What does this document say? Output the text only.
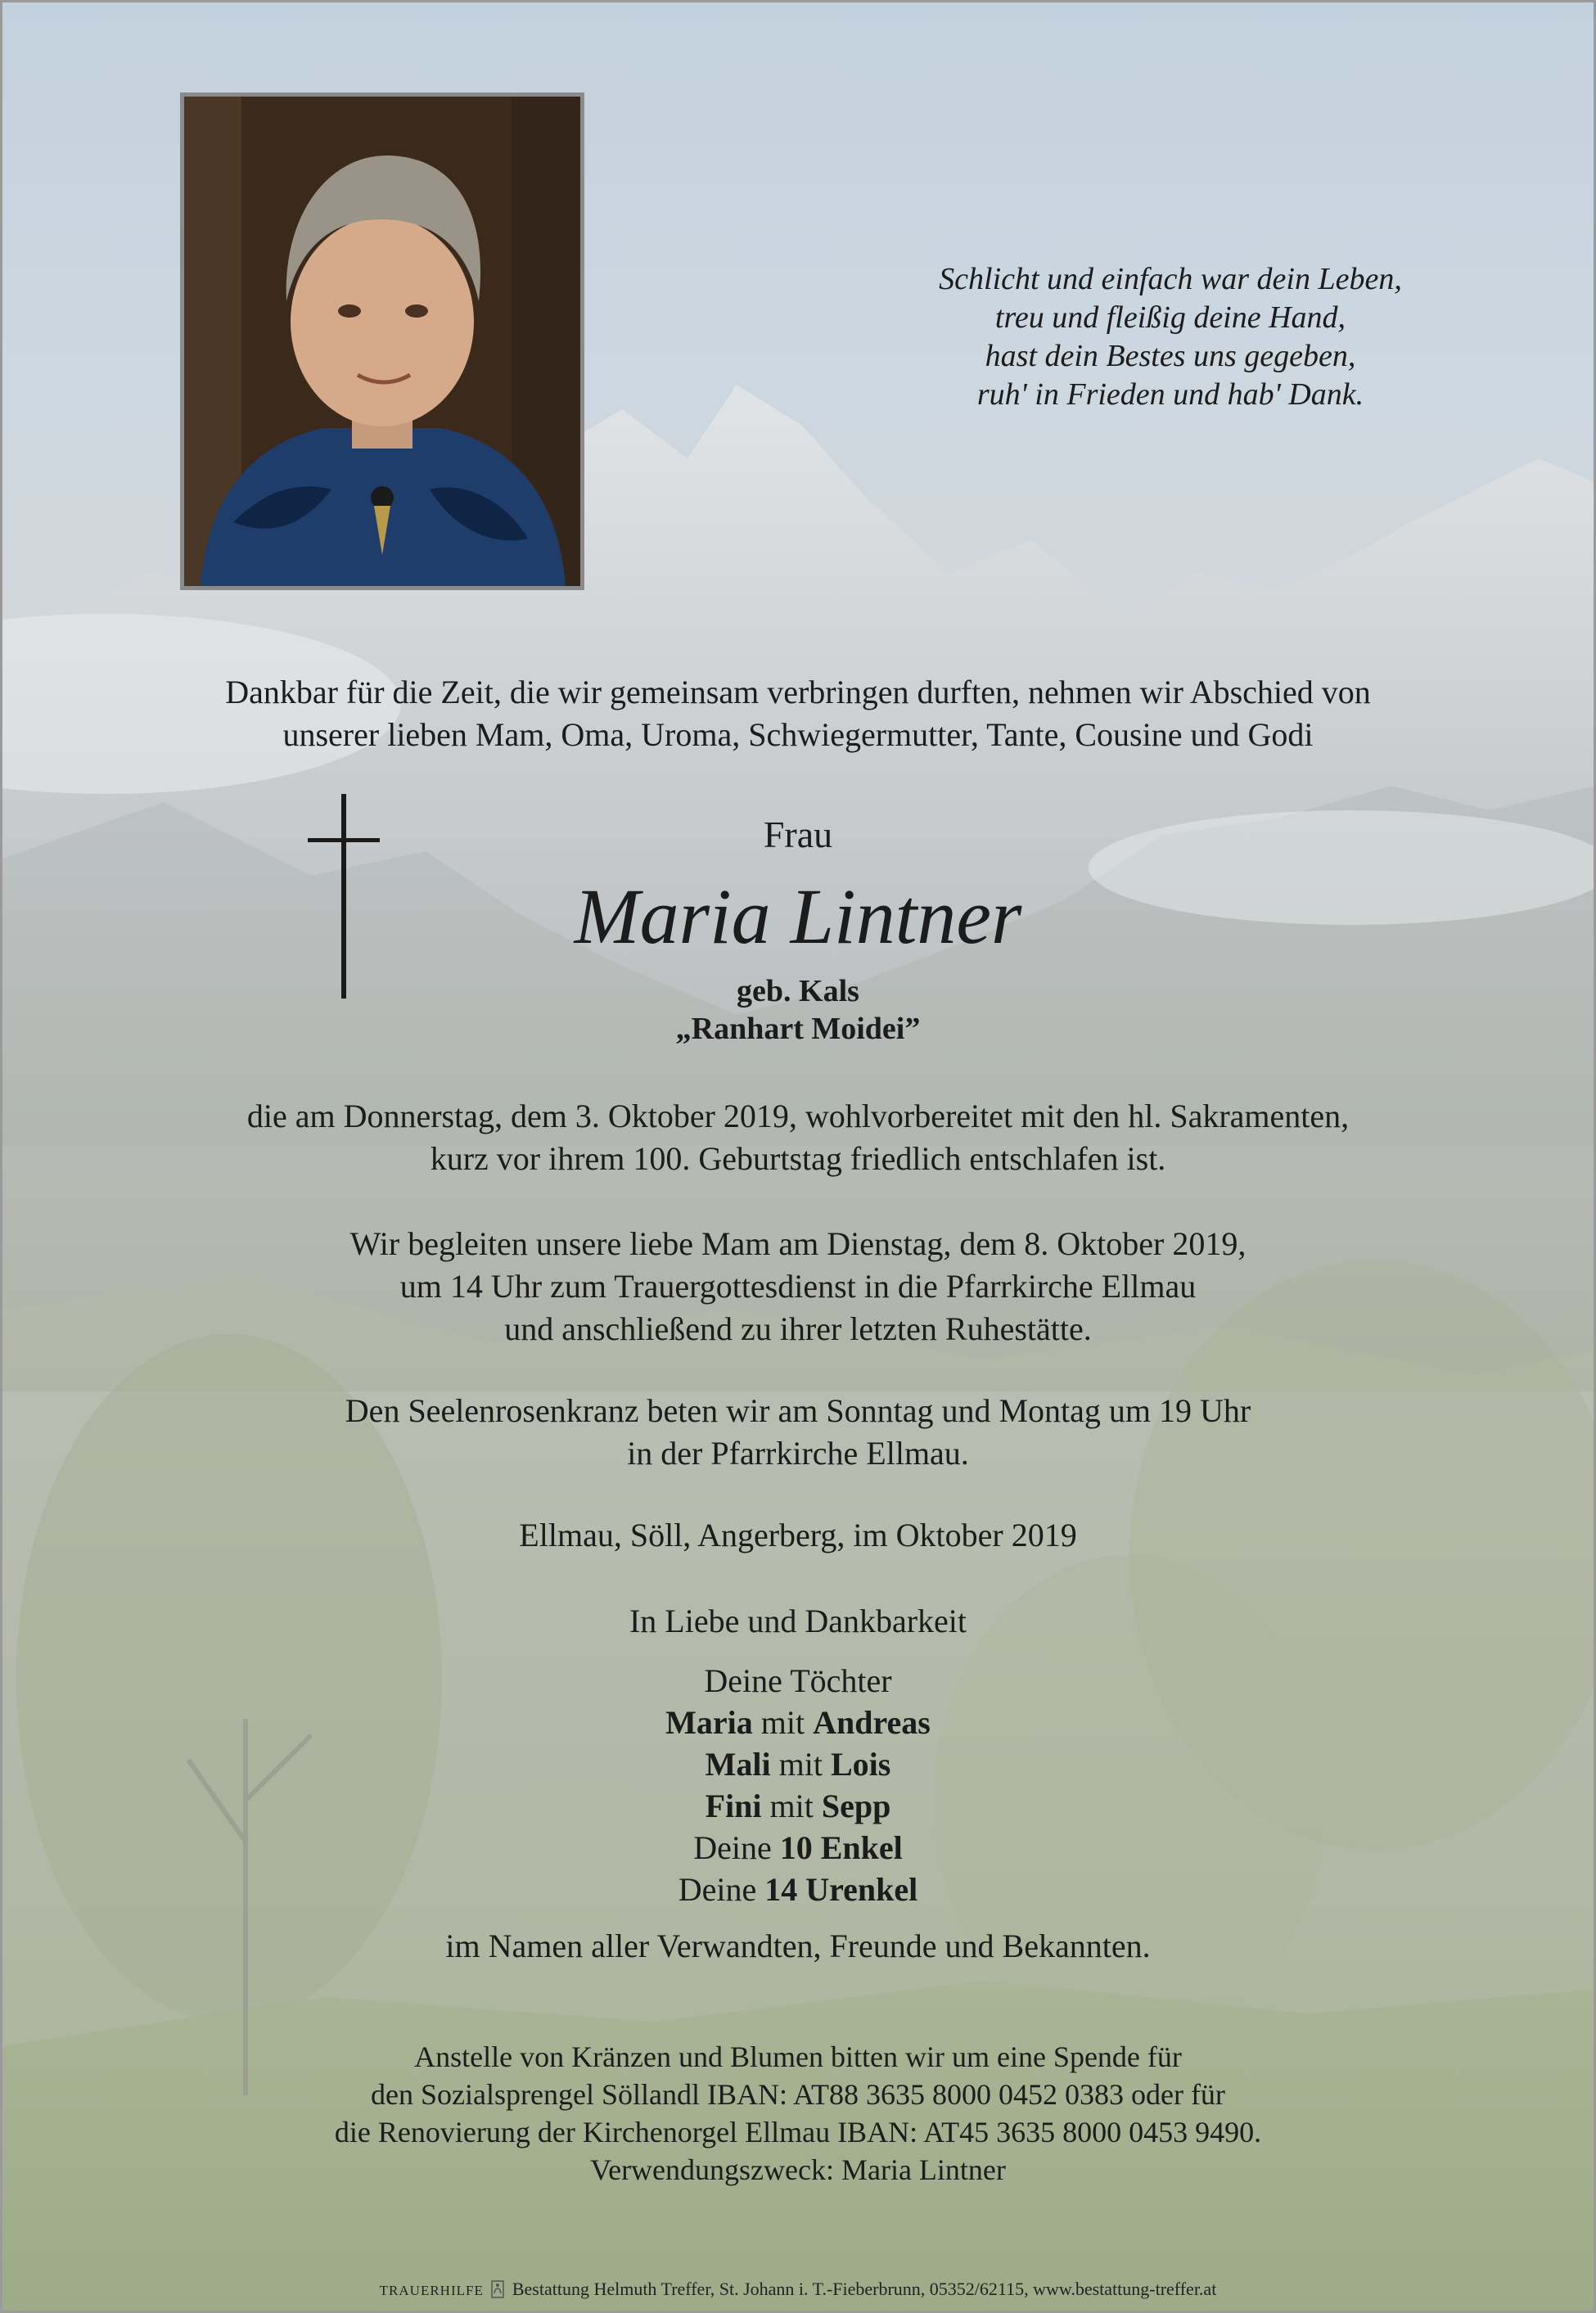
Schlicht und einfach war dein Leben,
treu und fleißig deine Hand,
hast dein Bestes uns gegeben,
ruh' in Frieden und hab' Dank.
Dankbar für die Zeit, die wir gemeinsam verbringen durften, nehmen wir Abschied von
unserer lieben Mam, Oma, Uroma, Schwiegermutter, Tante, Cousine und Godi
Frau
Maria Lintner
geb. Kals
„Ranhart Moidei”
die am Donnerstag, dem 3. Oktober 2019, wohlvorbereitet mit den hl. Sakramenten,
kurz vor ihrem 100. Geburtstag friedlich entschlafen ist.
Wir begleiten unsere liebe Mam am Dienstag, dem 8. Oktober 2019,
um 14 Uhr zum Trauergottesdienst in die Pfarrkirche Ellmau
und anschließend zu ihrer letzten Ruhestätte.
Den Seelenrosenkranz beten wir am Sonntag und Montag um 19 Uhr
in der Pfarrkirche Ellmau.
Ellmau, Söll, Angerberg, im Oktober 2019
In Liebe und Dankbarkeit
Deine Töchter
Maria mit Andreas
Mali mit Lois
Fini mit Sepp
Deine 10 Enkel
Deine 14 Urenkel
im Namen aller Verwandten, Freunde und Bekannten.
Anstelle von Kränzen und Blumen bitten wir um eine Spende für
den Sozialsprengel Söllandl IBAN: AT88 3635 8000 0452 0383 oder für
die Renovierung der Kirchenorgel Ellmau IBAN: AT45 3635 8000 0453 9490.
Verwendungszweck: Maria Lintner
TRAUERHILFE Bestattung Helmuth Treffer, St. Johann i. T.-Fieberbrunn, 05352/62115, www.bestattung-treffer.at
